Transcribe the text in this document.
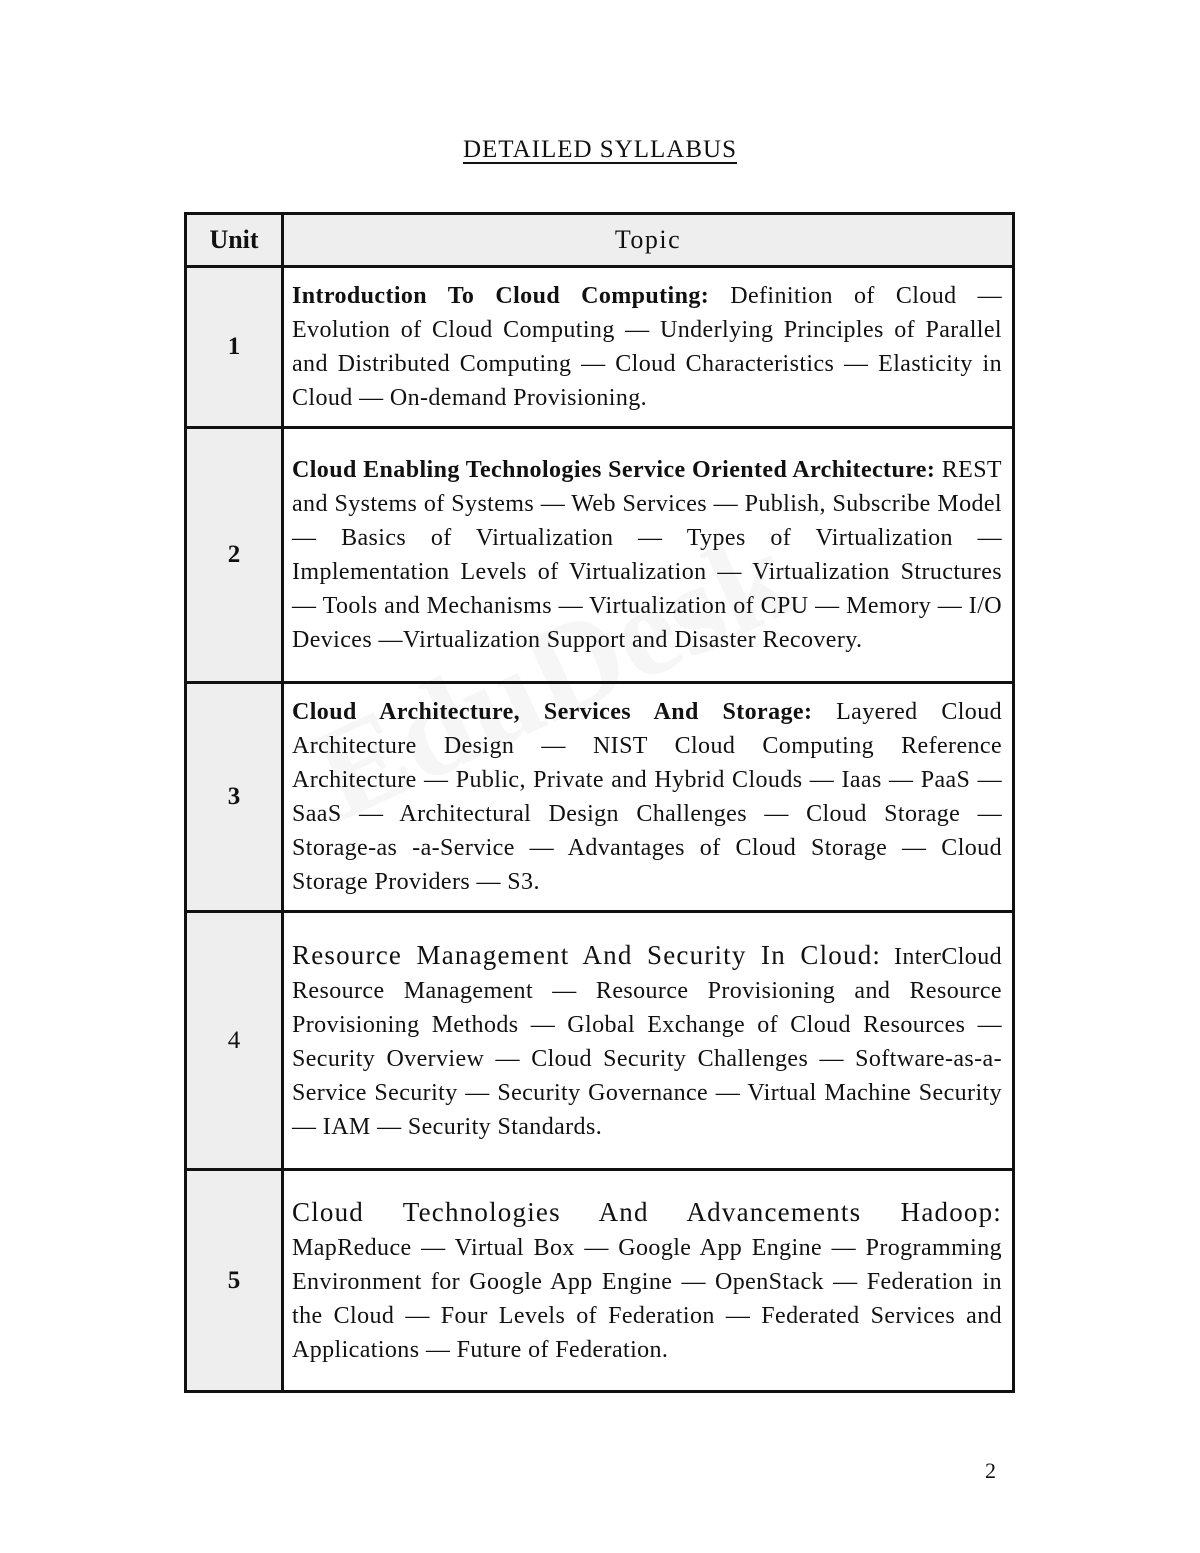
DETAILED SYLLABUS
Unit	Topic
1	Introduction To Cloud Computing: Definition of Cloud — Evolution of Cloud Computing — Underlying Principles of Parallel and Distributed Computing — Cloud Characteristics — Elasticity in Cloud — On-demand Provisioning.
2	Cloud Enabling Technologies Service Oriented Architecture: REST and Systems of Systems — Web Services — Publish, Subscribe Model — Basics of Virtualization — Types of Virtualization — Implementation Levels of Virtualization — Virtualization Structures — Tools and Mechanisms — Virtualization of CPU — Memory — I/O Devices —Virtualization Support and Disaster Recovery.
3	Cloud Architecture, Services And Storage: Layered Cloud Architecture Design — NIST Cloud Computing Reference Architecture — Public, Private and Hybrid Clouds — Iaas — PaaS — SaaS — Architectural Design Challenges — Cloud Storage — Storage-as -a-Service — Advantages of Cloud Storage — Cloud Storage Providers — S3.
4	Resource Management And Security In Cloud: InterCloud Resource Management — Resource Provisioning and Resource Provisioning Methods — Global Exchange of Cloud Resources — Security Overview — Cloud Security Challenges — Software-as-a-Service Security — Security Governance — Virtual Machine Security — IAM — Security Standards.
5	Cloud Technologies And Advancements Hadoop: MapReduce — Virtual Box — Google App Engine — Programming Environment for Google App Engine — OpenStack — Federation in the Cloud — Four Levels of Federation — Federated Services and Applications — Future of Federation.
2
